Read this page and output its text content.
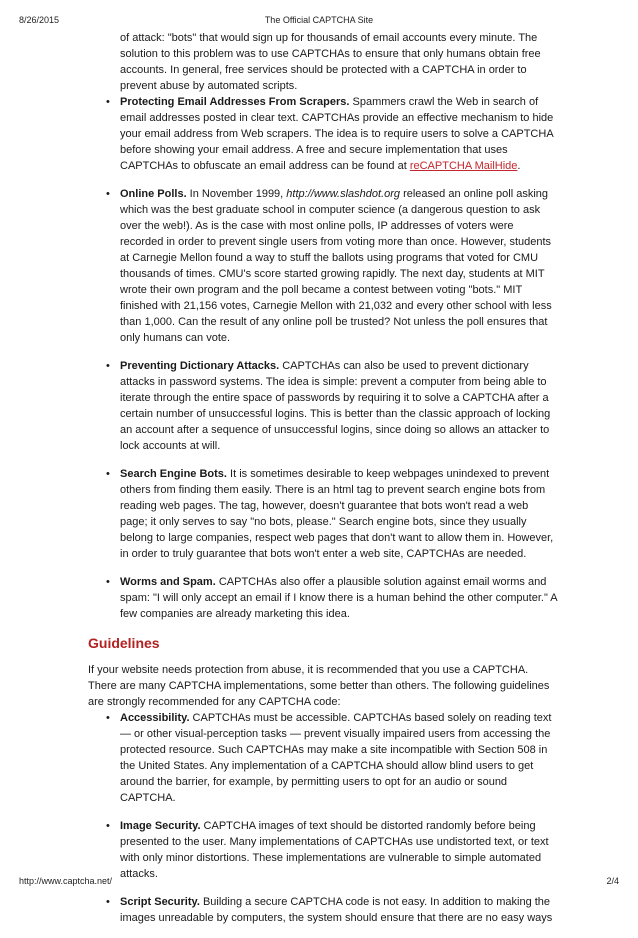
8/26/2015	The Official CAPTCHA Site

of attack: "bots" that would sign up for thousands of email accounts every minute. The solution to this problem was to use CAPTCHAs to ensure that only humans obtain free accounts. In general, free services should be protected with a CAPTCHA in order to prevent abuse by automated scripts.

• Protecting Email Addresses From Scrapers. Spammers crawl the Web in search of email addresses posted in clear text. CAPTCHAs provide an effective mechanism to hide your email address from Web scrapers. The idea is to require users to solve a CAPTCHA before showing your email address. A free and secure implementation that uses CAPTCHAs to obfuscate an email address can be found at reCAPTCHA MailHide.
• Online Polls. In November 1999, http://www.slashdot.org released an online poll asking which was the best graduate school in computer science (a dangerous question to ask over the web!). As is the case with most online polls, IP addresses of voters were recorded in order to prevent single users from voting more than once. However, students at Carnegie Mellon found a way to stuff the ballots using programs that voted for CMU thousands of times. CMU's score started growing rapidly. The next day, students at MIT wrote their own program and the poll became a contest between voting "bots." MIT finished with 21,156 votes, Carnegie Mellon with 21,032 and every other school with less than 1,000. Can the result of any online poll be trusted? Not unless the poll ensures that only humans can vote.
• Preventing Dictionary Attacks. CAPTCHAs can also be used to prevent dictionary attacks in password systems. The idea is simple: prevent a computer from being able to iterate through the entire space of passwords by requiring it to solve a CAPTCHA after a certain number of unsuccessful logins. This is better than the classic approach of locking an account after a sequence of unsuccessful logins, since doing so allows an attacker to lock accounts at will.
• Search Engine Bots. It is sometimes desirable to keep webpages unindexed to prevent others from finding them easily. There is an html tag to prevent search engine bots from reading web pages. The tag, however, doesn't guarantee that bots won't read a web page; it only serves to say "no bots, please." Search engine bots, since they usually belong to large companies, respect web pages that don't want to allow them in. However, in order to truly guarantee that bots won't enter a web site, CAPTCHAs are needed.
• Worms and Spam. CAPTCHAs also offer a plausible solution against email worms and spam: "I will only accept an email if I know there is a human behind the other computer." A few companies are already marketing this idea.
Guidelines

If your website needs protection from abuse, it is recommended that you use a CAPTCHA. There are many CAPTCHA implementations, some better than others. The following guidelines are strongly recommended for any CAPTCHA code:

• Accessibility. CAPTCHAs must be accessible. CAPTCHAs based solely on reading text — or other visual-perception tasks — prevent visually impaired users from accessing the protected resource. Such CAPTCHAs may make a site incompatible with Section 508 in the United States. Any implementation of a CAPTCHA should allow blind users to get around the barrier, for example, by permitting users to opt for an audio or sound CAPTCHA.
• Image Security. CAPTCHA images of text should be distorted randomly before being presented to the user. Many implementations of CAPTCHAs use undistorted text, or text with only minor distortions. These implementations are vulnerable to simple automated attacks.
• Script Security. Building a secure CAPTCHA code is not easy. In addition to making the images unreadable by computers, the system should ensure that there are no easy ways
http://www.captcha.net/	2/4
